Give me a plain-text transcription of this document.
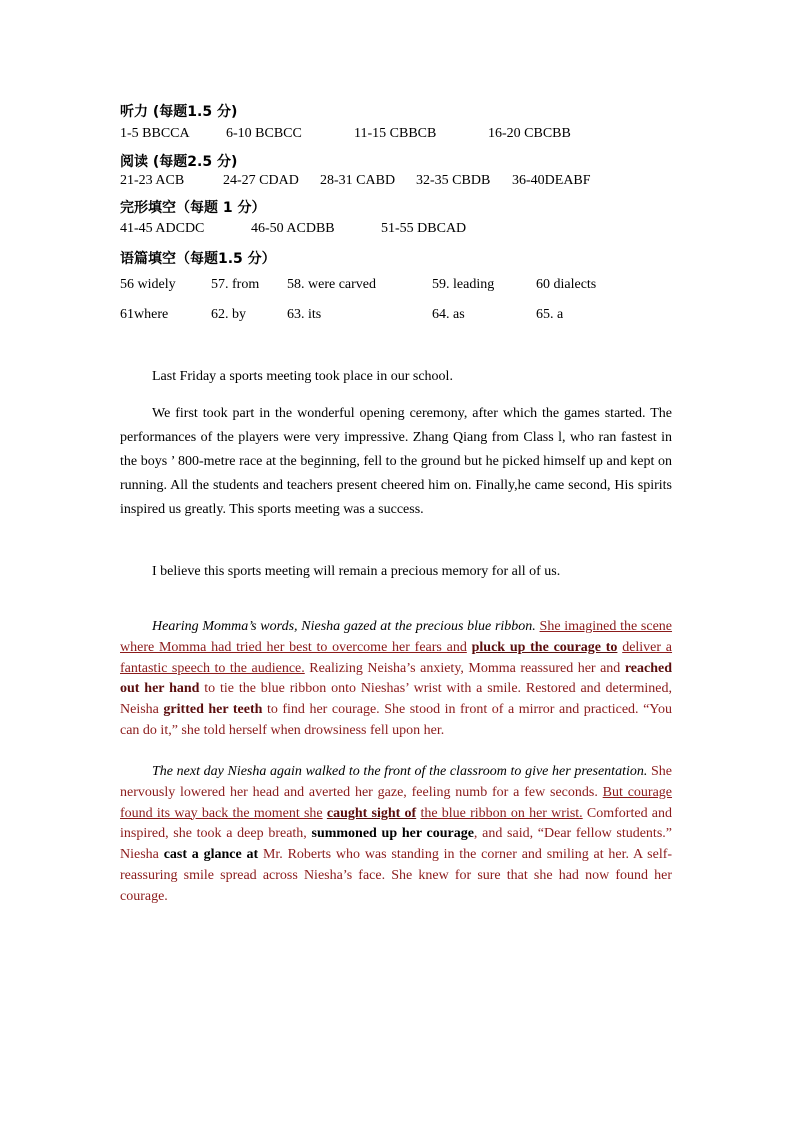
听力 (每题1.5 分)
1-5 BBCCA	6-10 BCBCC	11-15 CBBCB	16-20 CBCBB
阅读 (每题2.5 分)
21-23 ACB	24-27 CDAD 28-31 CABD 32-35 CBDB 36-40DEABF
完形填空（每题 1 分）
41-45 ADCDC	46-50 ACDBB	51-55 DBCAD
语篇填空（每题1.5 分）
56 widely	57. from 58. were carved	59. leading	60 dialects
61where	62. by	63. its	64. as	65. a

Last Friday a sports meeting took place in our school.

We first took part in the wonderful opening ceremony, after which the games started. The performances of the players were very impressive. Zhang Qiang from Class l, who ran fastest in the boys ’ 800-metre race at the beginning, fell to the ground but he picked himself up and kept on running. All the students and teachers present cheered him on. Finally,he came second, His spirits inspired us greatly. This sports meeting was a success.

I believe this sports meeting will remain a precious memory for all of us.

Hearing Momma’s words, Niesha gazed at the precious blue ribbon. She imagined the scene where Momma had tried her best to overcome her fears and pluck up the courage to deliver a fantastic speech to the audience. Realizing Neisha’s anxiety, Momma reassured her and reached out her hand to tie the blue ribbon onto Nieshas’ wrist with a smile. Restored and determined, Neisha gritted her teeth to find her courage. She stood in front of a mirror and practiced. “You can do it,” she told herself when drowsiness fell upon her.

The next day Niesha again walked to the front of the classroom to give her presentation. She nervously lowered her head and averted her gaze, feeling numb for a few seconds. But courage found its way back the moment she caught sight of the blue ribbon on her wrist. Comforted and inspired, she took a deep breath, summoned up her courage, and said, “Dear fellow students.” Niesha cast a glance at Mr. Roberts who was standing in the corner and smiling at her. A self-reassuring smile spread across Niesha’s face. She knew for sure that she had now found her courage.
